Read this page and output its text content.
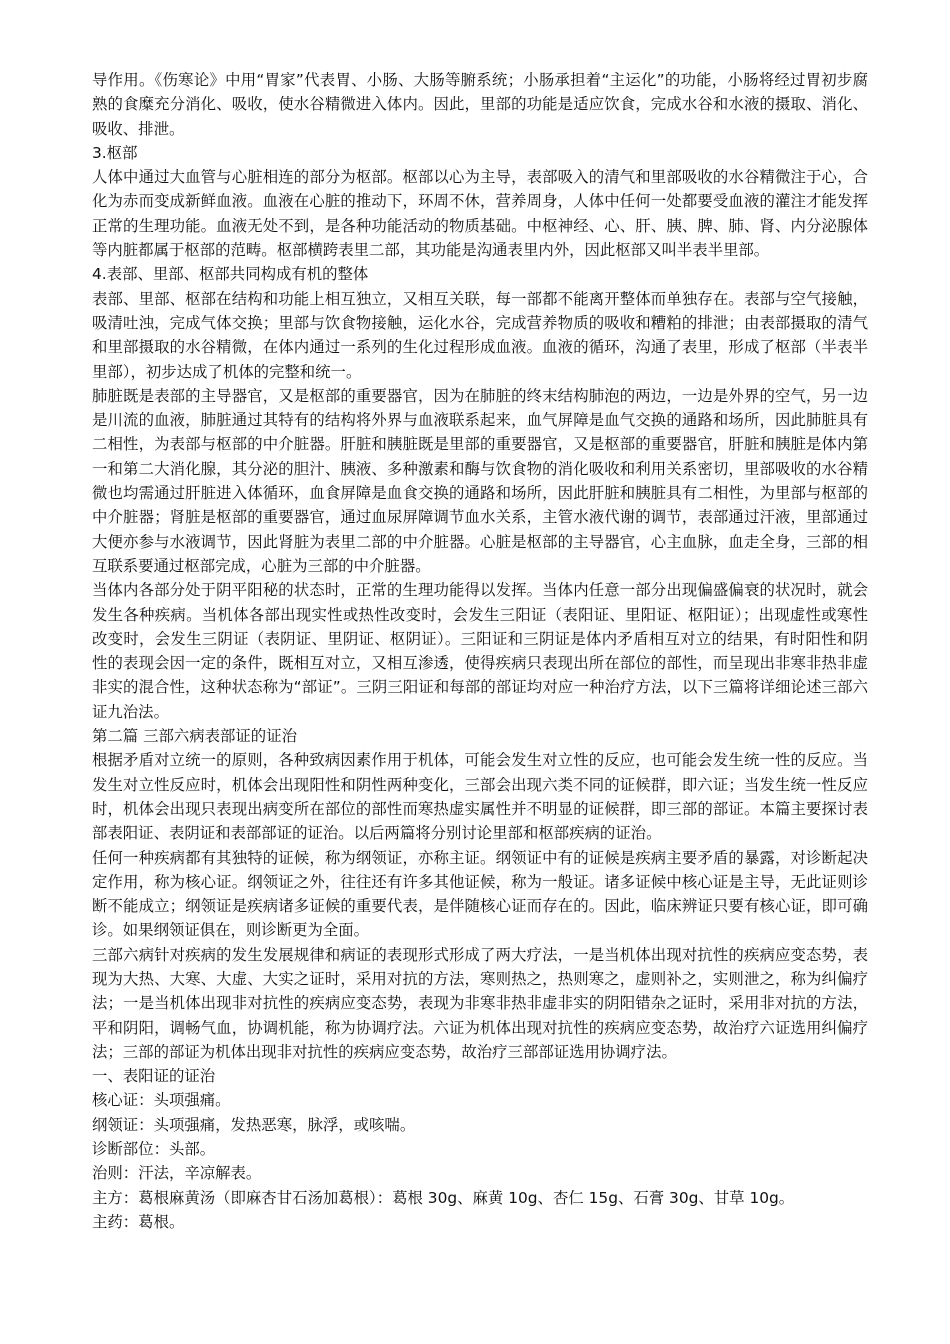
导作用。《伤寒论》中用“胃家”代表胃、小肠、大肠等腑系统；小肠承担着“主运化”的功能，小肠将经过胃初步腐熟的食糜充分消化、吸收，使水谷精微进入体内。因此，里部的功能是适应饮食，完成水谷和水液的摄取、消化、吸收、排泄。

3.枢部

人体中通过大血管与心脏相连的部分为枢部。枢部以心为主导，表部吸入的清气和里部吸收的水谷精微注于心，合化为赤而变成新鲜血液。血液在心脏的推动下，环周不休，营养周身，人体中任何一处都要受血液的灌注才能发挥正常的生理功能。血液无处不到，是各种功能活动的物质基础。中枢神经、心、肝、胰、脾、肺、肾、内分泌腺体等内脏都属于枢部的范畴。枢部横跨表里二部，其功能是沟通表里内外，因此枢部又叫半表半里部。

4.表部、里部、枢部共同构成有机的整体

表部、里部、枢部在结构和功能上相互独立，又相互关联，每一部都不能离开整体而单独存在。表部与空气接触，吸清吐浊，完成气体交换；里部与饮食物接触，运化水谷，完成营养物质的吸收和糟粕的排泄；由表部摄取的清气和里部摄取的水谷精微，在体内通过一系列的生化过程形成血液。血液的循环，沟通了表里，形成了枢部（半表半里部），初步达成了机体的完整和统一。

肺脏既是表部的主导器官，又是枢部的重要器官，因为在肺脏的终末结构肺泡的两边，一边是外界的空气，另一边是川流的血液，肺脏通过其特有的结构将外界与血液联系起来，血气屏障是血气交换的通路和场所，因此肺脏具有二相性，为表部与枢部的中介脏器。肝脏和胰脏既是里部的重要器官，又是枢部的重要器官，肝脏和胰脏是体内第一和第二大消化腺，其分泌的胆汁、胰液、多种激素和酶与饮食物的消化吸收和利用关系密切，里部吸收的水谷精微也均需通过肝脏进入体循环，血食屏障是血食交换的通路和场所，因此肝脏和胰脏具有二相性，为里部与枢部的中介脏器；肾脏是枢部的重要器官，通过血尿屏障调节血水关系，主管水液代谢的调节，表部通过汗液，里部通过大便亦参与水液调节，因此肾脏为表里二部的中介脏器。心脏是枢部的主导器官，心主血脉，血走全身，三部的相互联系要通过枢部完成，心脏为三部的中介脏器。

当体内各部分处于阴平阳秘的状态时，正常的生理功能得以发挥。当体内任意一部分出现偏盛偏衰的状况时，就会发生各种疾病。当机体各部出现实性或热性改变时，会发生三阳证（表阳证、里阳证、枢阳证）；出现虚性或寒性改变时，会发生三阴证（表阴证、里阴证、枢阴证）。三阳证和三阴证是体内矛盾相互对立的结果，有时阳性和阴性的表现会因一定的条件，既相互对立，又相互渗透，使得疾病只表现出所在部位的部性，而呈现出非寒非热非虚非实的混合性，这种状态称为“部证”。三阴三阳证和每部的部证均对应一种治疗方法，以下三篇将详细论述三部六证九治法。

第二篇 三部六病表部证的证治

根据矛盾对立统一的原则，各种致病因素作用于机体，可能会发生对立性的反应，也可能会发生统一性的反应。当发生对立性反应时，机体会出现阳性和阴性两种变化，三部会出现六类不同的证候群，即六证；当发生统一性反应时，机体会出现只表现出病变所在部位的部性而寒热虚实属性并不明显的证候群，即三部的部证。本篇主要探讨表部表阳证、表阴证和表部部证的证治。以后两篇将分别讨论里部和枢部疾病的证治。

任何一种疾病都有其独特的证候，称为纲领证，亦称主证。纲领证中有的证候是疾病主要矛盾的暴露，对诊断起决定作用，称为核心证。纲领证之外，往往还有许多其他证候，称为一般证。诸多证候中核心证是主导，无此证则诊断不能成立；纲领证是疾病诸多证候的重要代表，是伴随核心证而存在的。因此，临床辨证只要有核心证，即可确诊。如果纲领证俱在，则诊断更为全面。

三部六病针对疾病的发生发展规律和病证的表现形式形成了两大疗法，一是当机体出现对抗性的疾病应变态势，表现为大热、大寒、大虚、大实之证时，采用对抗的方法，寒则热之，热则寒之，虚则补之，实则泄之，称为纠偏疗法；一是当机体出现非对抗性的疾病应变态势，表现为非寒非热非虚非实的阴阳错杂之证时，采用非对抗的方法，平和阴阳，调畅气血，协调机能，称为协调疗法。六证为机体出现对抗性的疾病应变态势，故治疗六证选用纠偏疗法；三部的部证为机体出现非对抗性的疾病应变态势，故治疗三部部证选用协调疗法。

一、表阳证的证治

核心证：头项强痛。

纲领证：头项强痛，发热恶寒，脉浮，或咳喘。

诊断部位：头部。

治则：汗法，辛凉解表。

主方：葛根麻黄汤（即麻杏甘石汤加葛根）：葛根 30g、麻黄 10g、杏仁 15g、石膏 30g、甘草 10g。

主药：葛根。
